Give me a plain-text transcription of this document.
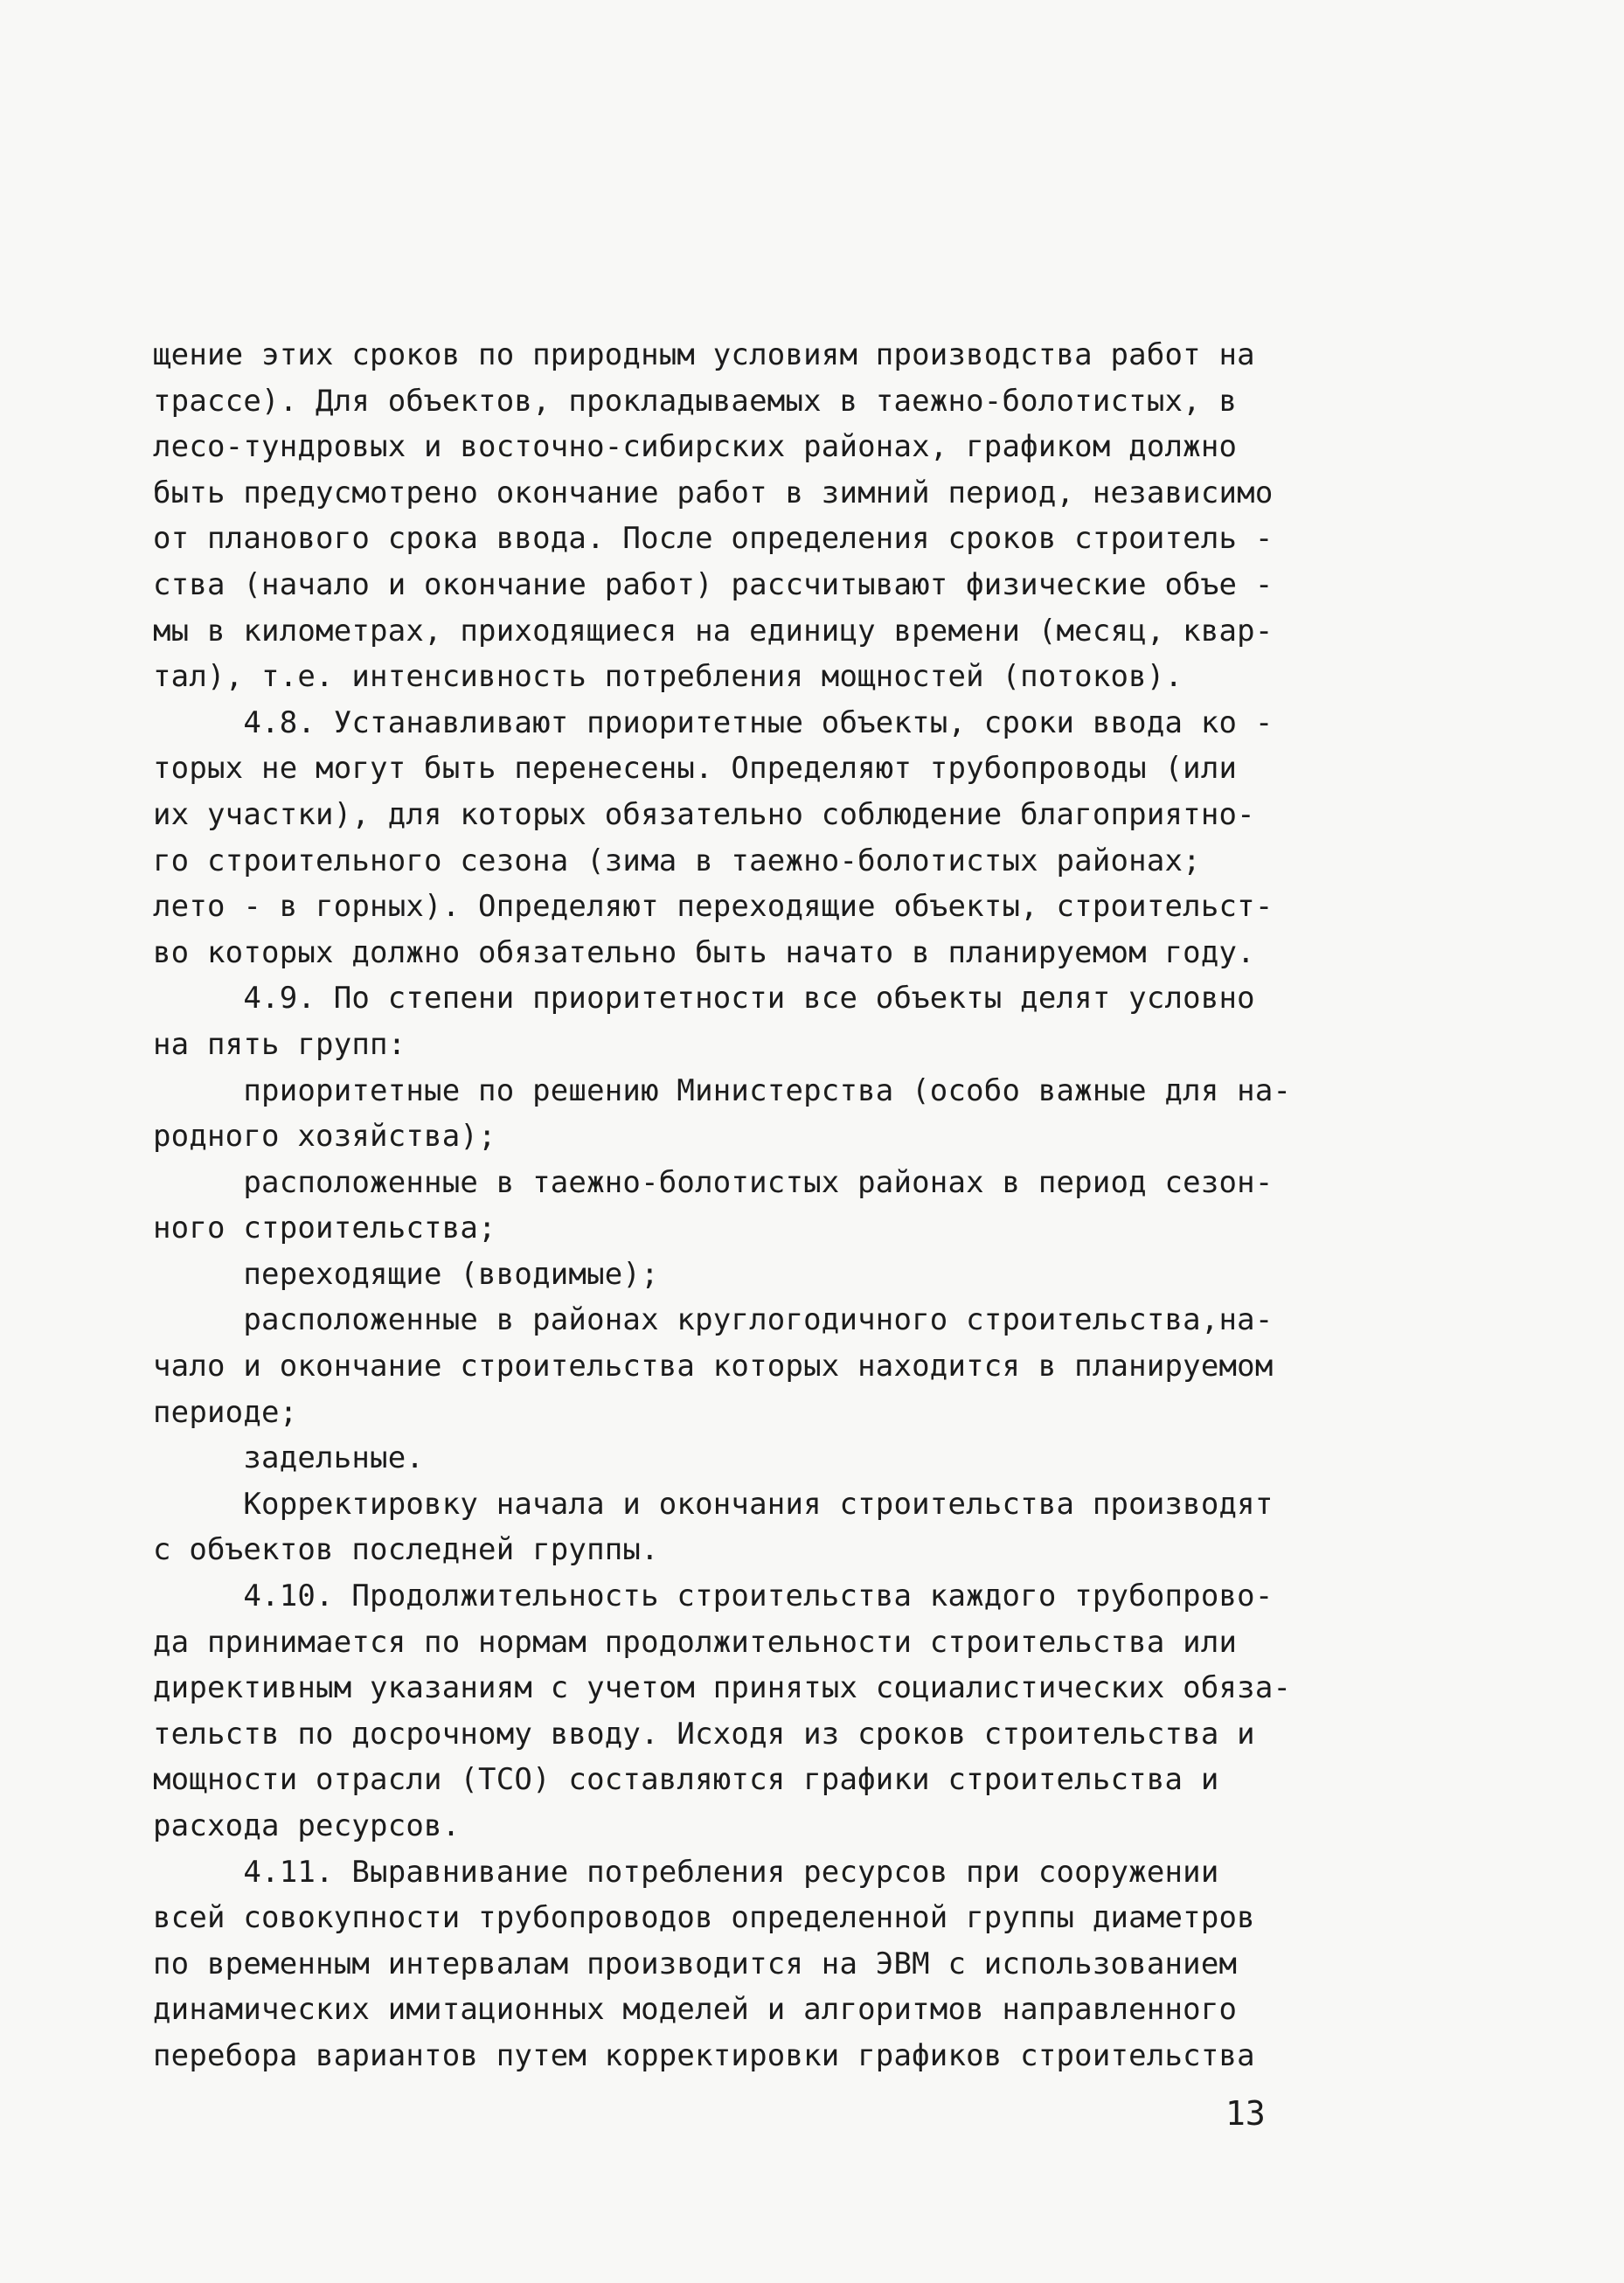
щение этих сроков по природным условиям производства работ на
трассе). Для объектов, прокладываемых в таежно-болотистых, в
лесо-тундровых и восточно-сибирских районах, графиком должно
быть предусмотрено окончание работ в зимний период, независимо
от планового срока ввода. После определения сроков строитель -
ства (начало и окончание работ) рассчитывают физические объе -
мы в километрах, приходящиеся на единицу времени (месяц, квар-
тал), т.е. интенсивность потребления мощностей (потоков).
4.8. Устанавливают приоритетные объекты, сроки ввода ко -
торых не могут быть перенесены. Определяют трубопроводы (или
их участки), для которых обязательно соблюдение благоприятно-
го строительного сезона (зима в таежно-болотистых районах;
лето - в горных). Определяют переходящие объекты, строительст-
во которых должно обязательно быть начато в планируемом году.
4.9. По степени приоритетности все объекты делят условно
на пять групп:
приоритетные по решению Министерства (особо важные для на-
родного хозяйства);
расположенные в таежно-болотистых районах в период сезон-
ного строительства;
переходящие (вводимые);
расположенные в районах круглогодичного строительства,на-
чало и окончание строительства которых находится в планируемом
периоде;
задельные.
Корректировку начала и окончания строительства производят
с объектов последней группы.
4.10. Продолжительность строительства каждого трубопрово-
да принимается по нормам продолжительности строительства или
директивным указаниям с учетом принятых социалистических обяза-
тельств по досрочному вводу. Исходя из сроков строительства и
мощности отрасли (ТСО) составляются графики строительства и
расхода ресурсов.
4.11. Выравнивание потребления ресурсов при сооружении
всей совокупности трубопроводов определенной группы диаметров
по временным интервалам производится на ЭВМ с использованием
динамических имитационных моделей и алгоритмов направленного
перебора вариантов путем корректировки графиков строительства
13
